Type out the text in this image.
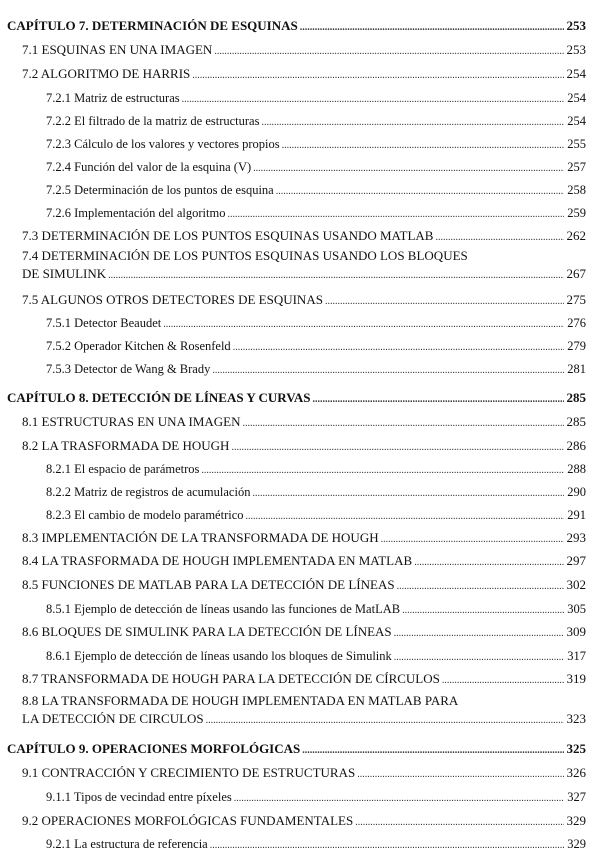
CAPÍTULO 7. DETERMINACIÓN DE ESQUINAS .....	253
7.1 ESQUINAS EN UNA IMAGEN .....	253
7.2 ALGORITMO DE HARRIS .....	254
7.2.1 Matriz de estructuras .....	254
7.2.2 El filtrado de la matriz de estructuras .....	254
7.2.3 Cálculo de los valores y vectores propios .....	255
7.2.4 Función del valor de la esquina (V) .....	257
7.2.5 Determinación de los puntos de esquina .....	258
7.2.6 Implementación del algoritmo .....	259
7.3 DETERMINACIÓN DE LOS PUNTOS ESQUINAS USANDO MATLAB .....	262
7.4 DETERMINACIÓN DE LOS PUNTOS ESQUINAS USANDO LOS BLOQUES
DE SIMULINK .....	267
7.5 ALGUNOS OTROS DETECTORES DE ESQUINAS .....	275
7.5.1 Detector Beaudet .....	276
7.5.2 Operador Kitchen & Rosenfeld .....	279
7.5.3 Detector de Wang & Brady .....	281
CAPÍTULO 8. DETECCIÓN DE LÍNEAS Y CURVAS .....	285
8.1 ESTRUCTURAS EN UNA IMAGEN .....	285
8.2 LA TRASFORMADA DE HOUGH .....	286
8.2.1 El espacio de parámetros .....	288
8.2.2 Matriz de registros de acumulación .....	290
8.2.3 El cambio de modelo paramétrico .....	291
8.3 IMPLEMENTACIÓN DE LA TRANSFORMADA DE HOUGH .....	293
8.4 LA TRASFORMADA DE HOUGH IMPLEMENTADA EN MATLAB .....	297
8.5 FUNCIONES DE MATLAB PARA LA DETECCIÓN DE LÍNEAS .....	302
8.5.1 Ejemplo de detección de líneas usando las funciones de MatLAB .....	305
8.6 BLOQUES DE SIMULINK PARA LA DETECCIÓN DE LÍNEAS .....	309
8.6.1 Ejemplo de detección de líneas usando los bloques de Simulink .....	317
8.7 TRANSFORMADA DE HOUGH PARA LA DETECCIÓN DE CÍRCULOS .....	319
8.8 LA TRANSFORMADA DE HOUGH IMPLEMENTADA EN MATLAB PARA
LA DETECCIÓN DE CIRCULOS .....	323
CAPÍTULO 9. OPERACIONES MORFOLÓGICAS .....	325
9.1 CONTRACCIÓN Y CRECIMIENTO DE ESTRUCTURAS .....	326
9.1.1 Tipos de vecindad entre píxeles .....	327
9.2 OPERACIONES MORFOLÓGICAS FUNDAMENTALES .....	329
9.2.1 La estructura de referencia .....	329
